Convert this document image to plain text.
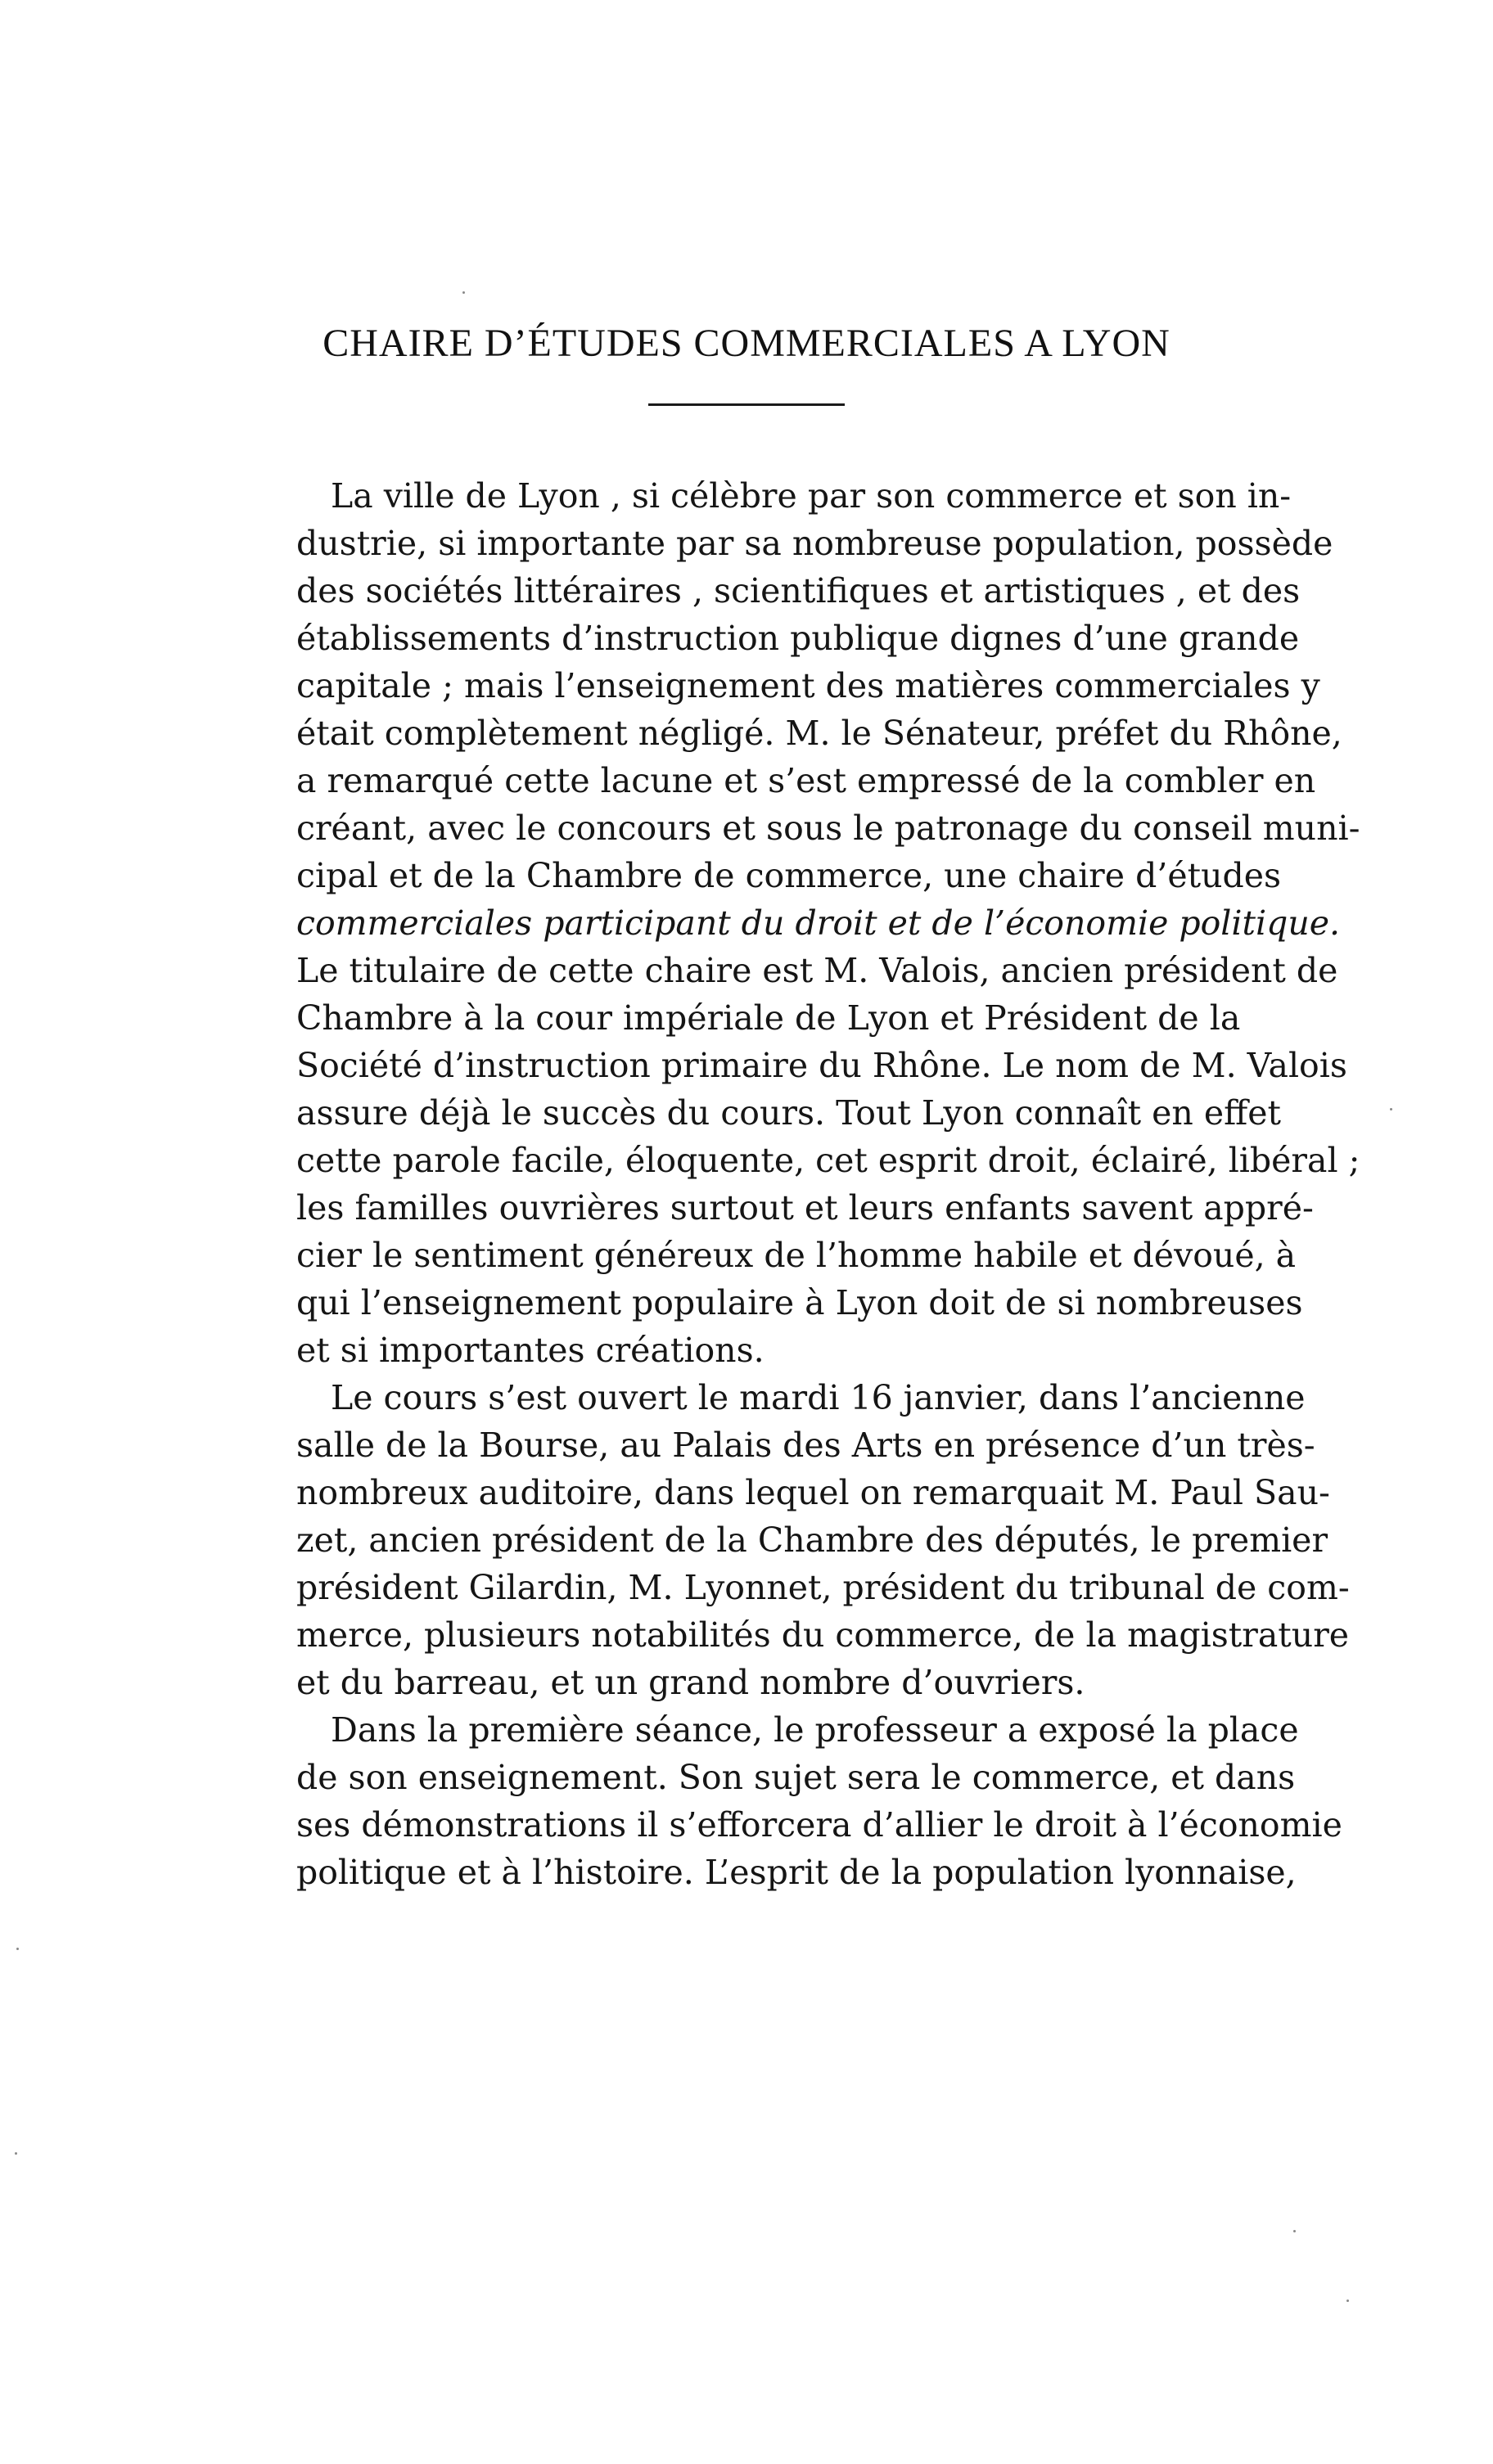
CHAIRE D’ÉTUDES COMMERCIALES A LYON
La ville de Lyon , si célèbre par son commerce et son in-
dustrie, si importante par sa nombreuse population, possède
des sociétés littéraires , scientifiques et artistiques , et des
établissements d’instruction publique dignes d’une grande
capitale ; mais l’enseignement des matières commerciales y
était complètement négligé. M. le Sénateur, préfet du Rhône,
a remarqué cette lacune et s’est empressé de la combler en
créant, avec le concours et sous le patronage du conseil muni-
cipal et de la Chambre de commerce, une chaire d’études
commerciales participant du droit et de l’économie politique.
Le titulaire de cette chaire est M. Valois, ancien président de
Chambre à la cour impériale de Lyon et Président de la
Société d’instruction primaire du Rhône. Le nom de M. Valois
assure déjà le succès du cours. Tout Lyon connaît en effet
cette parole facile, éloquente, cet esprit droit, éclairé, libéral ;
les familles ouvrières surtout et leurs enfants savent appré-
cier le sentiment généreux de l’homme habile et dévoué, à
qui l’enseignement populaire à Lyon doit de si nombreuses
et si importantes créations.
Le cours s’est ouvert le mardi 16 janvier, dans l’ancienne
salle de la Bourse, au Palais des Arts en présence d’un très-
nombreux auditoire, dans lequel on remarquait M. Paul Sau-
zet, ancien président de la Chambre des députés, le premier
président Gilardin, M. Lyonnet, président du tribunal de com-
merce, plusieurs notabilités du commerce, de la magistrature
et du barreau, et un grand nombre d’ouvriers.
Dans la première séance, le professeur a exposé la place
de son enseignement. Son sujet sera le commerce, et dans
ses démonstrations il s’efforcera d’allier le droit à l’économie
politique et à l’histoire. L’esprit de la population lyonnaise,
